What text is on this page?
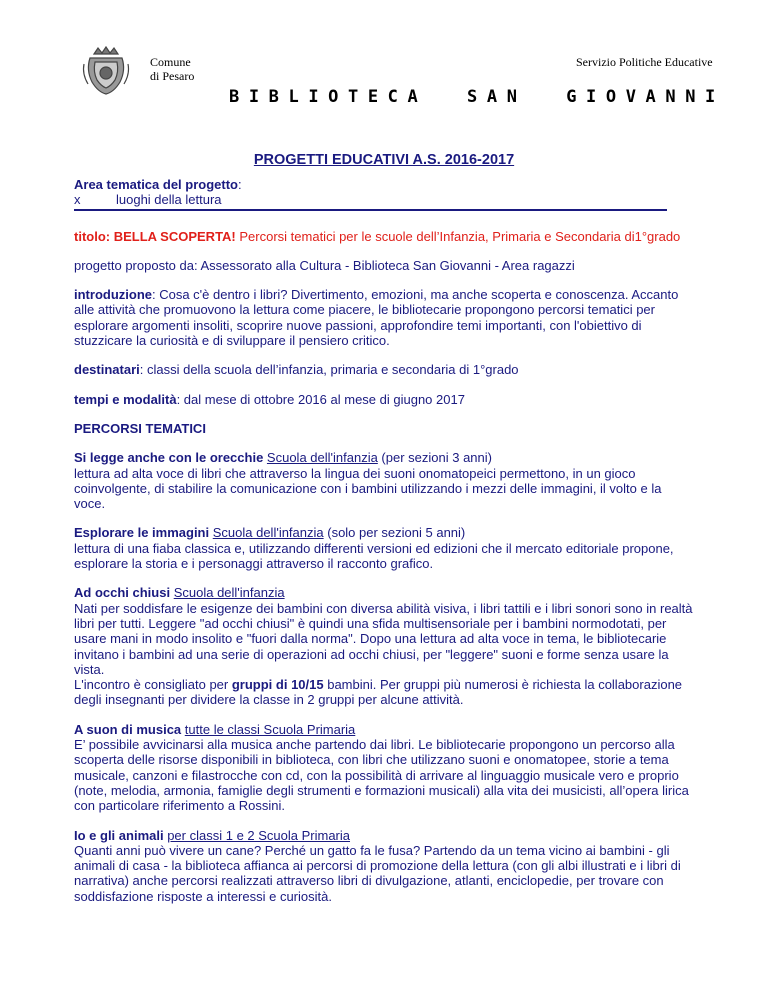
Comune
di Pesaro
Servizio Politiche Educative
BIBLIOTECA  SAN  GIOVANNI
PROGETTI EDUCATIVI A.S. 2016-2017
Area tematica del progetto:
x	luoghi della lettura

titolo: BELLA SCOPERTA! Percorsi tematici per le scuole dell’Infanzia, Primaria e Secondaria di1°grado

progetto proposto da: Assessorato alla Cultura - Biblioteca San Giovanni - Area ragazzi

introduzione: Cosa c'è dentro i libri? Divertimento, emozioni, ma anche scoperta e conoscenza. Accanto alle attività che promuovono la lettura come piacere, le bibliotecarie propongono percorsi tematici per esplorare argomenti insoliti, scoprire nuove passioni, approfondire temi importanti, con l'obiettivo di stuzzicare la curiosità e di sviluppare il pensiero critico.

destinatari: classi della scuola dell’infanzia, primaria e secondaria di 1°grado

tempi e modalità: dal mese di ottobre 2016 al mese di giugno 2017

PERCORSI TEMATICI

Si legge anche con le orecchie Scuola dell'infanzia (per sezioni 3 anni)
lettura ad alta voce di libri che attraverso la lingua dei suoni onomatopeici permettono, in un gioco coinvolgente, di stabilire la comunicazione con i bambini utilizzando i mezzi delle immagini, il volto e la voce.

Esplorare le immagini Scuola dell'infanzia (solo per sezioni 5 anni)
lettura di una fiaba classica e, utilizzando differenti versioni ed edizioni che il mercato editoriale propone, esplorare la storia e i personaggi attraverso il racconto grafico.

Ad occhi chiusi Scuola dell'infanzia
Nati per soddisfare le esigenze dei bambini con diversa abilità visiva, i libri tattili e i libri sonori sono in realtà libri per tutti. Leggere "ad occhi chiusi" è quindi una sfida multisensoriale per i bambini normodotati, per usare mani in modo insolito e "fuori dalla norma". Dopo una lettura ad alta voce in tema, le bibliotecarie invitano i bambini ad una serie di operazioni ad occhi chiusi, per "leggere" suoni e forme senza usare la vista.
L'incontro è consigliato per gruppi di 10/15 bambini. Per gruppi più numerosi è richiesta la collaborazione degli insegnanti per dividere la classe in 2 gruppi per alcune attività.

A suon di musica tutte le classi Scuola Primaria
E’ possibile avvicinarsi alla musica anche partendo dai libri. Le bibliotecarie propongono un percorso alla scoperta delle risorse disponibili in biblioteca, con libri che utilizzano suoni e onomatopee, storie a tema musicale, canzoni e filastrocche con cd, con la possibilità di arrivare al linguaggio musicale vero e proprio (note, melodia, armonia, famiglie degli strumenti e formazioni musicali) alla vita dei musicisti, all’opera lirica con particolare riferimento a Rossini.

Io e gli animali per classi 1 e 2 Scuola Primaria
Quanti anni può vivere un cane? Perché un gatto fa le fusa? Partendo da un tema vicino ai bambini - gli animali di casa - la biblioteca affianca ai percorsi di promozione della lettura (con gli albi illustrati e i libri di narrativa) anche percorsi realizzati attraverso libri di divulgazione, atlanti, enciclopedie, per trovare con soddisfazione risposte a interessi e curiosità.
